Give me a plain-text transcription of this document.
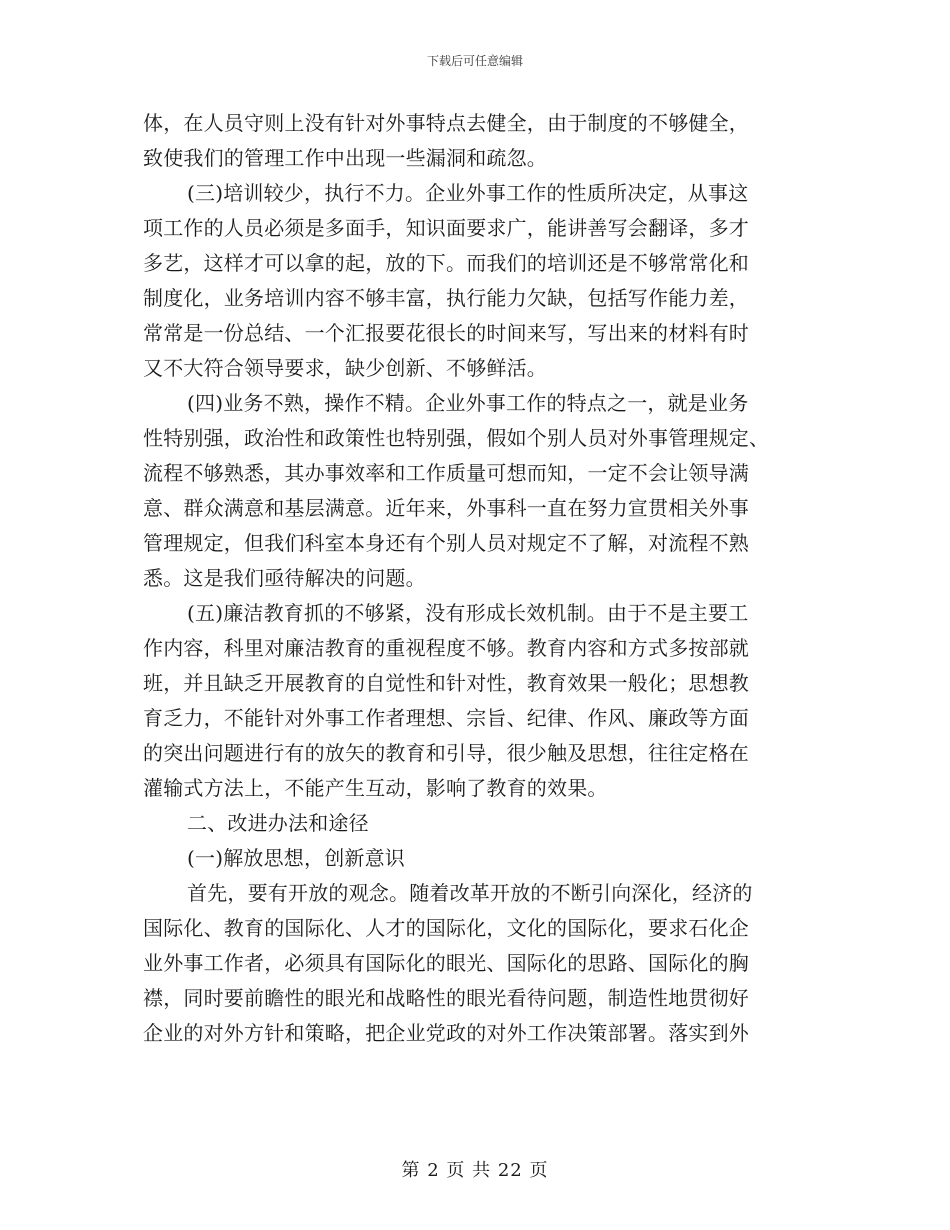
下载后可任意编辑
体，在人员守则上没有针对外事特点去健全，由于制度的不够健全，
致使我们的管理工作中出现一些漏洞和疏忽。
(三)培训较少，执行不力。企业外事工作的性质所决定，从事这
项工作的人员必须是多面手，知识面要求广，能讲善写会翻译，多才
多艺，这样才可以拿的起，放的下。而我们的培训还是不够常常化和
制度化，业务培训内容不够丰富，执行能力欠缺，包括写作能力差，
常常是一份总结、一个汇报要花很长的时间来写，写出来的材料有时
又不大符合领导要求，缺少创新、不够鲜活。
(四)业务不熟，操作不精。企业外事工作的特点之一，就是业务
性特别强，政治性和政策性也特别强，假如个别人员对外事管理规定、
流程不够熟悉，其办事效率和工作质量可想而知，一定不会让领导满
意、群众满意和基层满意。近年来，外事科一直在努力宣贯相关外事
管理规定，但我们科室本身还有个别人员对规定不了解，对流程不熟
悉。这是我们亟待解决的问题。
(五)廉洁教育抓的不够紧，没有形成长效机制。由于不是主要工
作内容，科里对廉洁教育的重视程度不够。教育内容和方式多按部就
班，并且缺乏开展教育的自觉性和针对性，教育效果一般化；思想教
育乏力，不能针对外事工作者理想、宗旨、纪律、作风、廉政等方面
的突出问题进行有的放矢的教育和引导，很少触及思想，往往定格在
灌输式方法上，不能产生互动，影响了教育的效果。
二、改进办法和途径
(一)解放思想，创新意识
首先，要有开放的观念。随着改革开放的不断引向深化，经济的
国际化、教育的国际化、人才的国际化，文化的国际化，要求石化企
业外事工作者，必须具有国际化的眼光、国际化的思路、国际化的胸
襟，同时要前瞻性的眼光和战略性的眼光看待问题，制造性地贯彻好
企业的对外方针和策略，把企业党政的对外工作决策部署。落实到外
第 2 页 共 22 页
